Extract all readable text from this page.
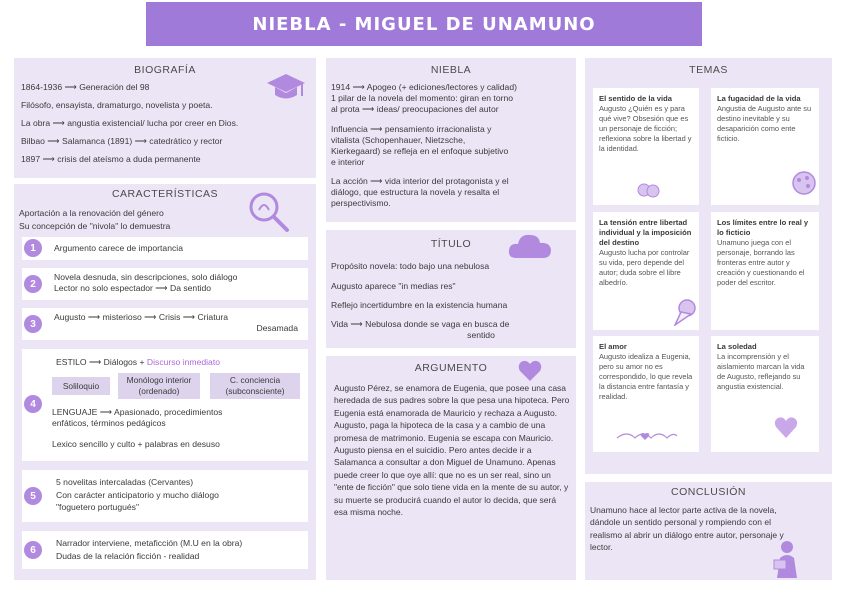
NIEBLA - MIGUEL DE UNAMUNO
BIOGRAFÍA
1864-1936 ⟶ Generación del 98
Filósofo, ensayista, dramaturgo, novelista y poeta.
La obra ⟶ angustia existencial/ lucha por creer en Dios.
Bilbao ⟶ Salamanca (1891) ⟶ catedrático y rector
1897 ⟶ crisis del ateísmo a duda permanente
CARACTERÍSTICAS
Aportación a la renovación del género
Su concepción de "nivola" lo demuestra
1	Argumento carece de importancia
2
Novela desnuda, sin descripciones, solo diálogo
Lector no solo espectador ⟶ Da sentido
3
Augusto ⟶ misterioso ⟶ Crisis ⟶ Criatura
Desamada
4
ESTILO ⟶ Diálogos + Discurso inmediato
Soliloquio
Monólogo interior
(ordenado)
C. conciencia
(subconsciente)
LENGUAJE ⟶ Apasionado, procedimientos
enfáticos, términos pedágicos
Lexico sencillo y culto + palabras en desuso
5
5 novelitas intercaladas (Cervantes)
Con carácter anticipatorio y mucho diálogo
"foguetero portugués"
6
Narrador interviene, metaficción (M.U en la obra)
Dudas de la relación ficción - realidad
NIEBLA
1914 ⟶ Apogeo (+ ediciones/lectores y calidad)
1 pilar de la novela del momento: giran en torno
al prota ⟶ ideas/ preocupaciones del autor
Influencia ⟶ pensamiento irracionalista y
vitalista (Schopenhauer, Nietzsche,
Kierkegaard) se refleja en el enfoque subjetivo
e interior
La acción ⟶ vida interior del protagonista y el
diálogo, que estructura la novela y resalta el
perspectivismo.
TÍTULO
Propósito novela: todo bajo una nebulosa
Augusto aparece "in medias res"
Reflejo incertidumbre en la existencia humana
Vida ⟶ Nebulosa donde se vaga en busca de
sentido
ARGUMENTO
Augusto Pérez, se enamora de Eugenia, que posee una casa heredada de sus padres sobre la que pesa una hipoteca. Pero Eugenia está enamorada de Mauricio y rechaza a Augusto. Augusto, paga la hipoteca de la casa y a cambio de una promesa de matrimonio. Eugenia se escapa con Mauricio. Augusto piensa en el suicidio. Pero antes decide ir a Salamanca a consultar a don Miguel de Unamuno. Apenas puede creer lo que oye allí: que no es un ser real, sino un "ente de ficción" que solo tiene vida en la mente de su autor, y su muerte se producirá cuando el autor lo decida, que será esa misma noche.
TEMAS
El sentido de la vida
Augusto ¿Quién es y para qué vive? Obsesión que es un personaje de ficción; reflexiona sobre la libertad y la identidad.
La fugacidad de la vida
Angustia de Augusto ante su destino inevitable y su desaparición como ente ficticio.
La tensión entre libertad individual y la imposición del destino
Augusto lucha por controlar su vida, pero depende del autor; duda sobre el libre albedrío.
Los límites entre lo real y lo ficticio
Unamuno juega con el personaje, borrando las fronteras entre autor y creación y cuestionando el poder del escritor.
El amor
Augusto idealiza a Eugenia, pero su amor no es correspondido, lo que revela la distancia entre fantasía y realidad.
La soledad
La incomprensión y el aislamiento marcan la vida de Augusto, reflejando su angustia existencial.
CONCLUSIÓN
Unamuno hace al lector parte activa de la novela, dándole un sentido personal y rompiendo con el realismo al abrir un diálogo entre autor, personaje y lector.
